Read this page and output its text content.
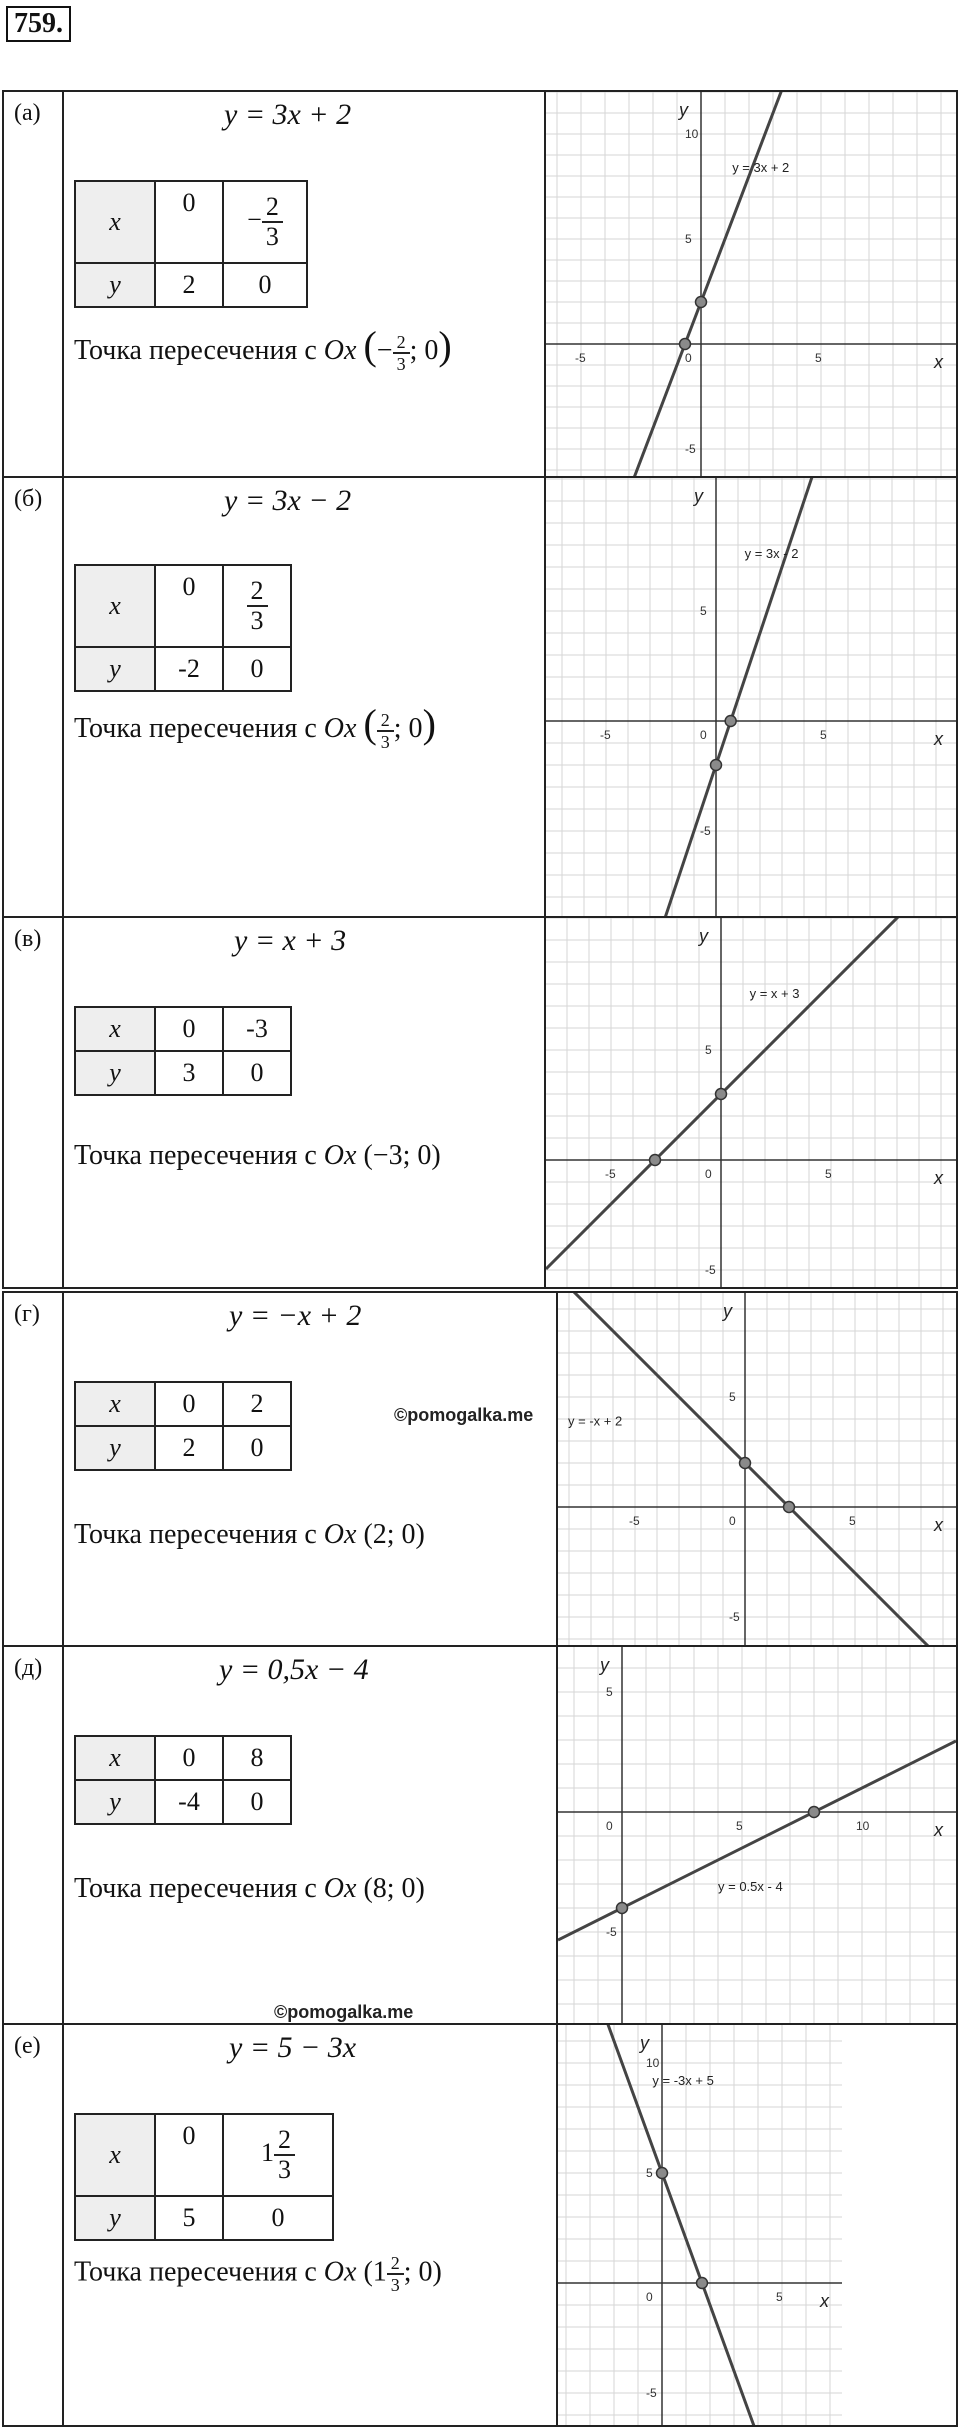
759.
(а)	y = 3x + 2
x	0	− $\frac{2}{3}$

y	2	0
Точка пересечения с Ox (− $\frac{2}{3}$ ; 0)	x
y
-5	0	5
-5
5
10
y = 3x + 2
(б)	y = 3x − 2
x	0	$\frac{2}{3}$

y	-2	0
Точка пересечения с Ox ( $\frac{2}{3}$ ; 0)	x
y
-5	0	5
-5
5
y = 3x - 2
(в)	y = x + 3
x	0	-3
y	3	0
Точка пересечения с Ox (−3; 0)
x
y
-5	0	5
-5
5
y = x + 3
(г)	y = −x + 2
x	0	2
y	2	0
©pomogalka.me
Точка пересечения с Ox (2; 0)	x
y
-5	0	5
-5
5
y = -x + 2
(д)	y = 0,5x − 4
x	0	8
y	-4	0
Точка пересечения с Ox (8; 0)
©pomogalka.me
x
y
0	5	10
-5
5
y = 0.5x - 4
(е)	y = 5 − 3x
x	0	$1 \frac{2}{3}$

y	5	0
Точка пересечения с Ox ($1 \frac{2}{3}$ ; 0)
x
y
0	5
-5
5
10
y = -3x + 5
